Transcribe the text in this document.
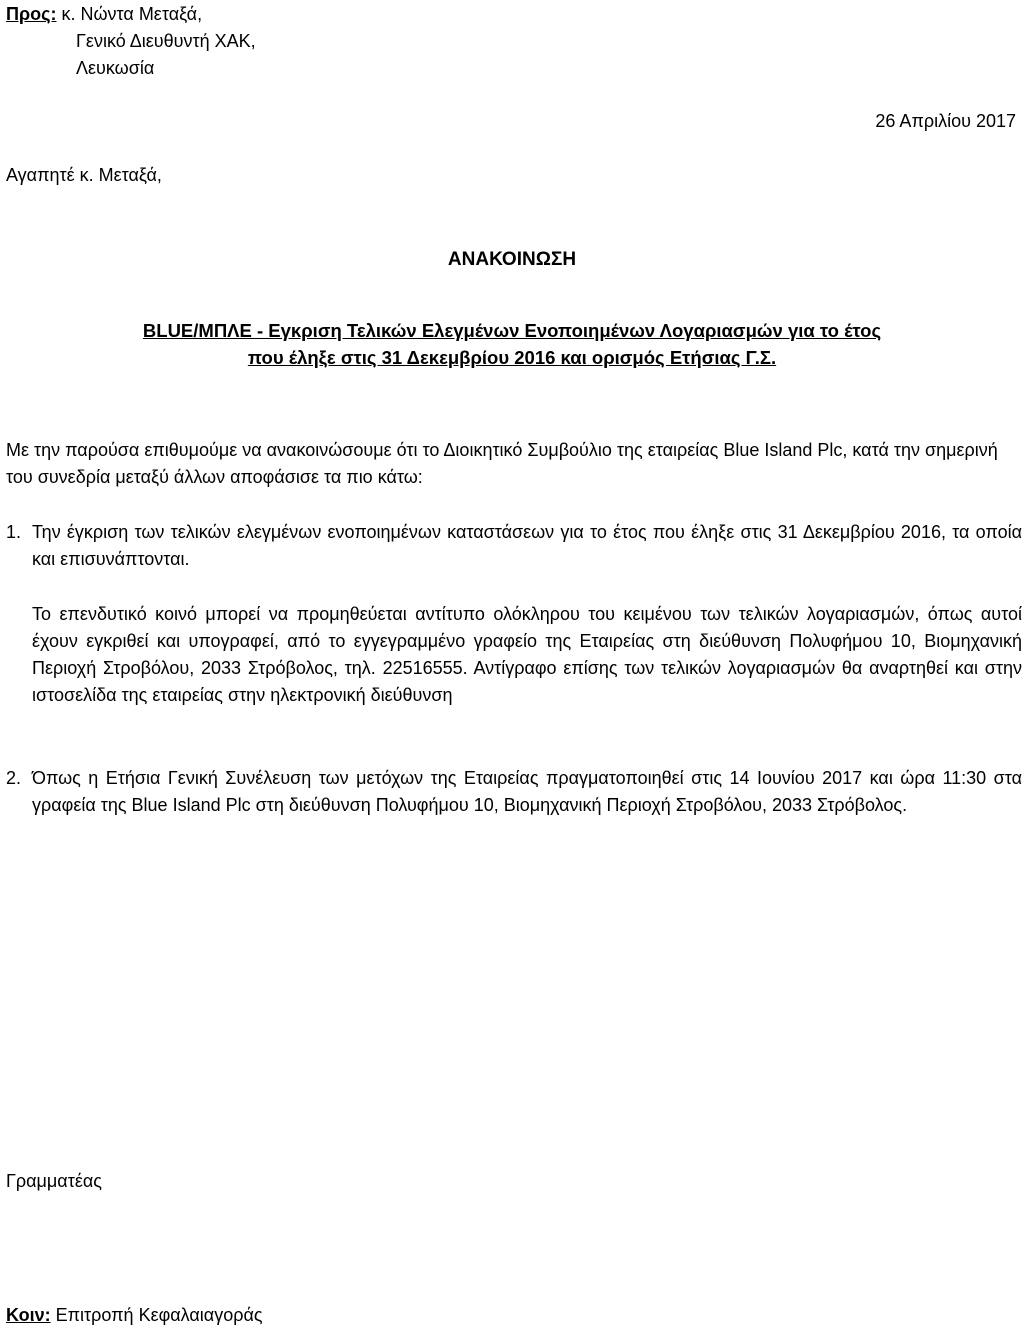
Προς: κ. Νώντα Μεταξά,
Γενικό Διευθυντή ΧΑΚ,
Λευκωσία
26 Απριλίου 2017
Αγαπητέ κ. Μεταξά,
ΑΝΑΚΟΙΝΩΣΗ
BLUE/ΜΠΛΕ - Εγκριση Τελικών Ελεγμένων Ενοποιημένων Λογαριασμών για το έτος
που έληξε στις 31 Δεκεμβρίου 2016 και ορισμός Ετήσιας Γ.Σ.
Με την παρούσα επιθυμούμε να ανακοινώσουμε ότι το Διοικητικό Συμβούλιο της εταιρείας Blue Island Plc, κατά την σημερινή του συνεδρία μεταξύ άλλων αποφάσισε τα πιο κάτω:
1. Την έγκριση των τελικών ελεγμένων ενοποιημένων καταστάσεων για το έτος που έληξε στις 31 Δεκεμβρίου 2016, τα οποία και επισυνάπτονται.
Το επενδυτικό κοινό μπορεί να προμηθεύεται αντίτυπο ολόκληρου του κειμένου των τελικών λογαριασμών, όπως αυτοί έχουν εγκριθεί και υπογραφεί, από το εγγεγραμμένο γραφείο της Εταιρείας στη διεύθυνση Πολυφήμου 10, Βιομηχανική Περιοχή Στροβόλου, 2033 Στρόβολος, τηλ. 22516555. Αντίγραφο επίσης των τελικών λογαριασμών θα αναρτηθεί και στην ιστοσελίδα της εταιρείας στην ηλεκτρονική διεύθυνση
2. Όπως η Ετήσια Γενική Συνέλευση των μετόχων της Εταιρείας πραγματοποιηθεί στις 14 Ιουνίου 2017 και ώρα 11:30 στα γραφεία της Blue Island Plc στη διεύθυνση Πολυφήμου 10, Βιομηχανική Περιοχή Στροβόλου, 2033 Στρόβολος.
Γραμματέας
Κοιν: Επιτροπή Κεφαλαιαγοράς
